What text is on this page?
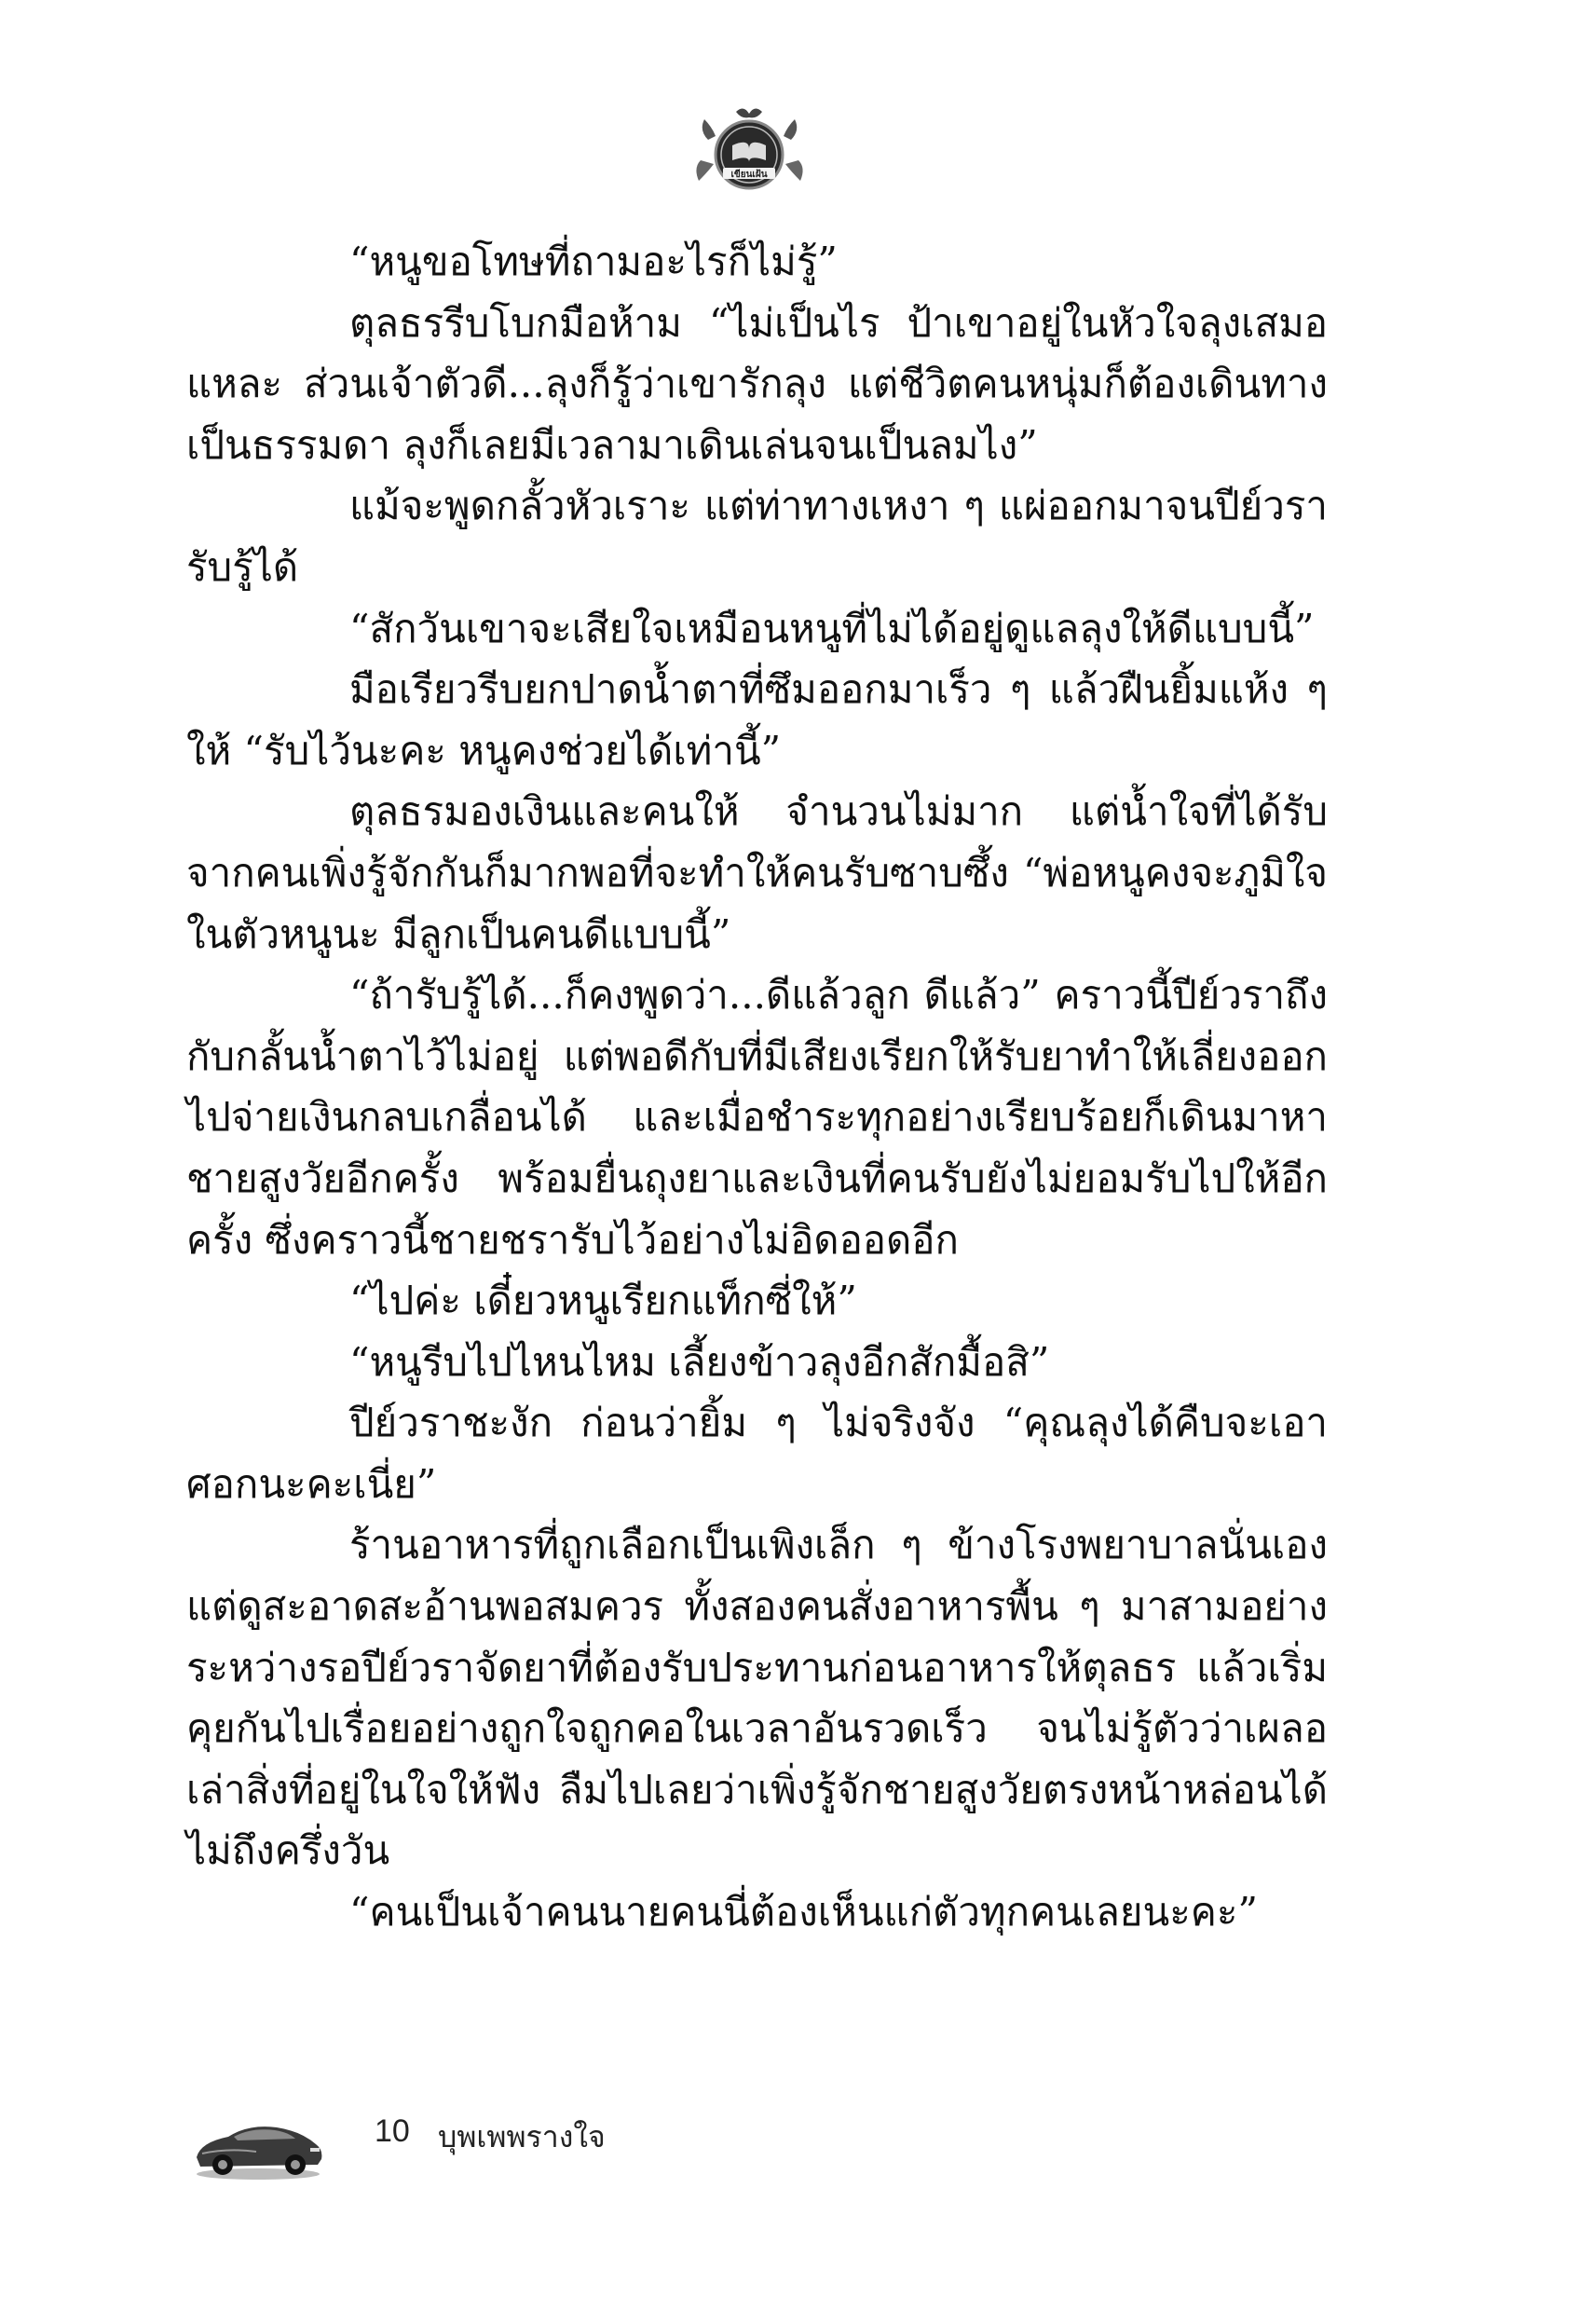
เขียนเฝ้น

“หนูขอโทษที่ถามอะไรก็ไม่รู้”

ตุลธรรีบโบกมือห้าม “ไม่เป็นไร ป้าเขาอยู่ในหัวใจลุงเสมอแหละ ส่วนเจ้าตัวดี...ลุงก็รู้ว่าเขารักลุง แต่ชีวิตคนหนุ่มก็ต้องเดินทางเป็นธรรมดา ลุงก็เลยมีเวลามาเดินเล่นจนเป็นลมไง”

แม้จะพูดกลั้วหัวเราะ แต่ท่าทางเหงา ๆ แผ่ออกมาจนปีย์วรารับรู้ได้

“สักวันเขาจะเสียใจเหมือนหนูที่ไม่ได้อยู่ดูแลลุงให้ดีแบบนี้”

มือเรียวรีบยกปาดน้ำตาที่ซึมออกมาเร็ว ๆ แล้วฝืนยิ้มแห้ง ๆ ให้ “รับไว้นะคะ หนูคงช่วยได้เท่านี้”

ตุลธรมองเงินและคนให้ จำนวนไม่มาก แต่น้ำใจที่ได้รับจากคนเพิ่งรู้จักกันก็มากพอที่จะทำให้คนรับซาบซึ้ง “พ่อหนูคงจะภูมิใจในตัวหนูนะ มีลูกเป็นคนดีแบบนี้”

“ถ้ารับรู้ได้...ก็คงพูดว่า...ดีแล้วลูก ดีแล้ว” คราวนี้ปีย์วราถึงกับกลั้นน้ำตาไว้ไม่อยู่ แต่พอดีกับที่มีเสียงเรียกให้รับยาทำให้เลี่ยงออกไปจ่ายเงินกลบเกลื่อนได้ และเมื่อชำระทุกอย่างเรียบร้อยก็เดินมาหาชายสูงวัยอีกครั้ง พร้อมยื่นถุงยาและเงินที่คนรับยังไม่ยอมรับไปให้อีกครั้ง ซึ่งคราวนี้ชายชรารับไว้อย่างไม่อิดออดอีก

“ไปค่ะ เดี๋ยวหนูเรียกแท็กซี่ให้”

“หนูรีบไปไหนไหม เลี้ยงข้าวลุงอีกสักมื้อสิ”

ปีย์วราชะงัก ก่อนว่ายิ้ม ๆ ไม่จริงจัง “คุณลุงได้คืบจะเอาศอกนะคะเนี่ย”

ร้านอาหารที่ถูกเลือกเป็นเพิงเล็ก ๆ ข้างโรงพยาบาลนั่นเอง แต่ดูสะอาดสะอ้านพอสมควร ทั้งสองคนสั่งอาหารพื้น ๆ มาสามอย่าง ระหว่างรอปีย์วราจัดยาที่ต้องรับประทานก่อนอาหารให้ตุลธร แล้วเริ่มคุยกันไปเรื่อยอย่างถูกใจถูกคอในเวลาอันรวดเร็ว จนไม่รู้ตัวว่าเผลอเล่าสิ่งที่อยู่ในใจให้ฟัง ลืมไปเลยว่าเพิ่งรู้จักชายสูงวัยตรงหน้าหล่อนได้ไม่ถึงครึ่งวัน

“คนเป็นเจ้าคนนายคนนี่ต้องเห็นแก่ตัวทุกคนเลยนะคะ”

10 บุพเพพรางใจ
